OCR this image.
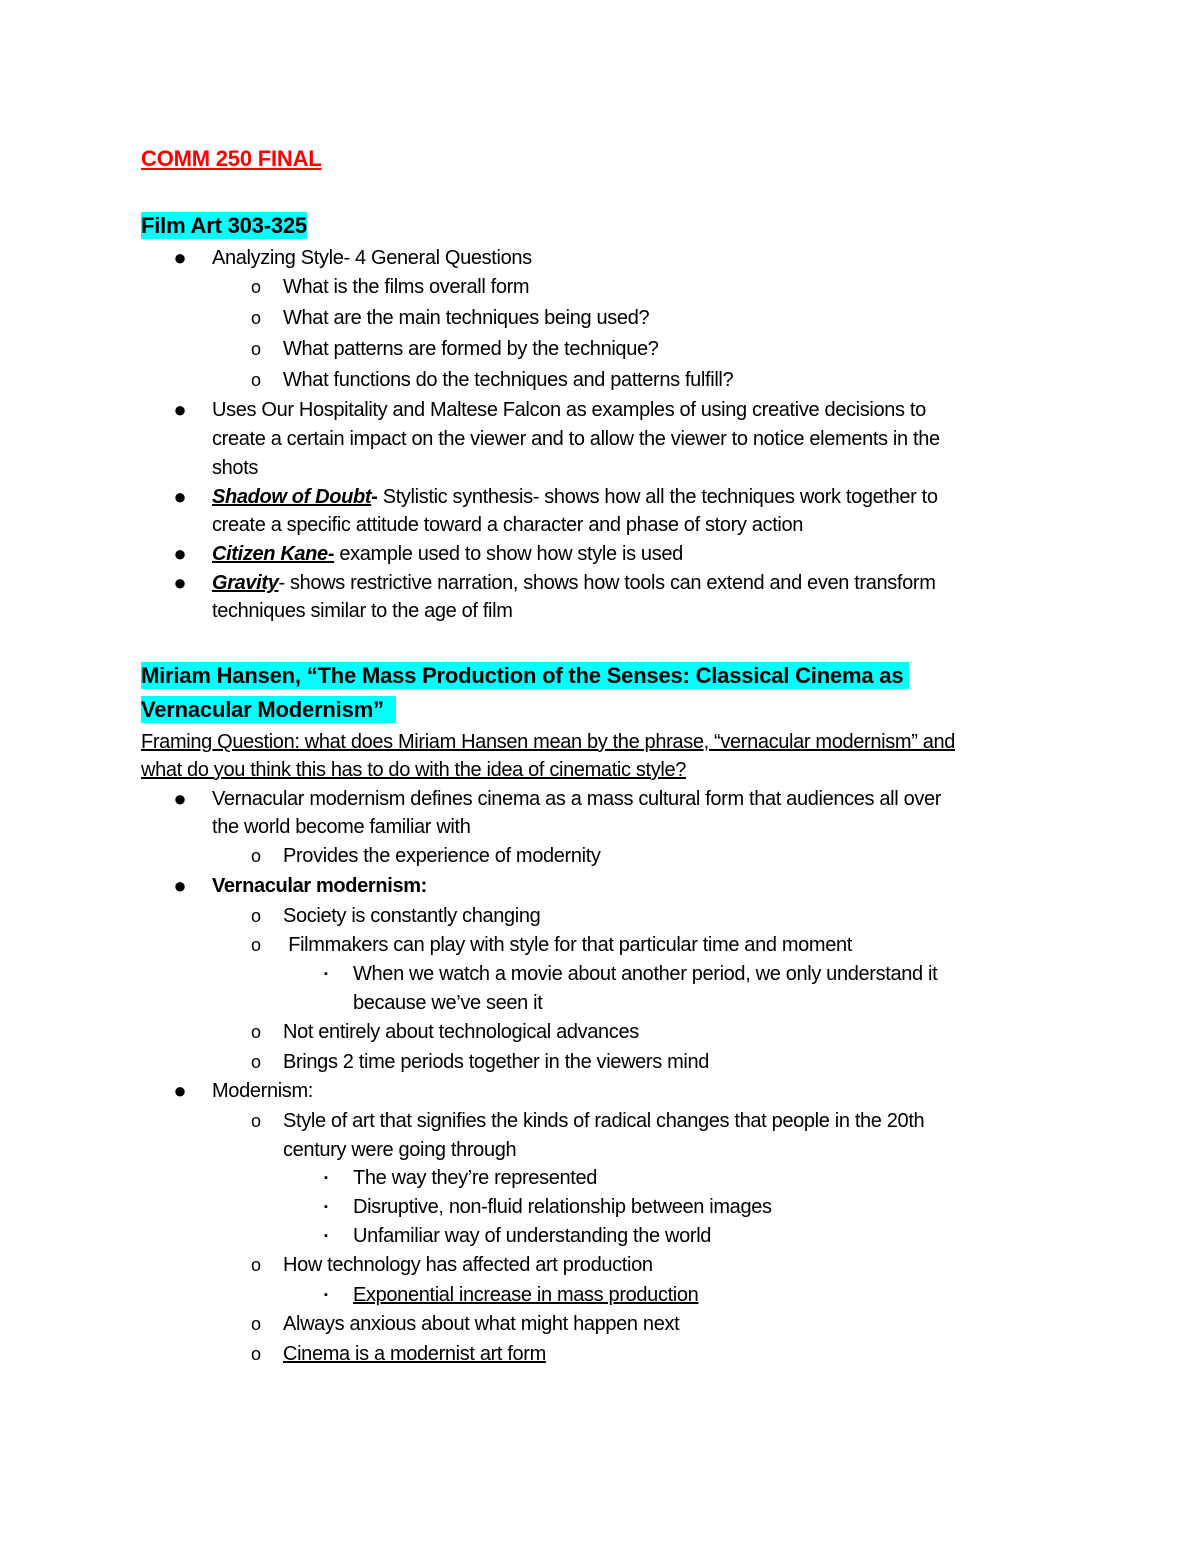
COMM 250 FINAL
Film Art 303-325
● Analyzing Style- 4 General Questions
o What is the films overall form
o What are the main techniques being used?
o What patterns are formed by the technique?
o What functions do the techniques and patterns fulfill?
● Uses Our Hospitality and Maltese Falcon as examples of using creative decisions to
create a certain impact on the viewer and to allow the viewer to notice elements in the
shots
● Shadow of Doubt- Stylistic synthesis- shows how all the techniques work together to
create a specific attitude toward a character and phase of story action
● Citizen Kane- example used to show how style is used
● Gravity- shows restrictive narration, shows how tools can extend and even transform
techniques similar to the age of film
Miriam Hansen, “The Mass Production of the Senses: Classical Cinema as
Vernacular Modernism”
Framing Question: what does Miriam Hansen mean by the phrase, “vernacular modernism” and
what do you think this has to do with the idea of cinematic style?
● Vernacular modernism defines cinema as a mass cultural form that audiences all over
the world become familiar with
o Provides the experience of modernity
● Vernacular modernism:
o Society is constantly changing
o Filmmakers can play with style for that particular time and moment
▪	When we watch a movie about another period, we only understand it
because we’ve seen it
o Not entirely about technological advances
o Brings 2 time periods together in the viewers mind
● Modernism:
o Style of art that signifies the kinds of radical changes that people in the 20th
century were going through
▪	The way they’re represented
▪	Disruptive, non-fluid relationship between images
▪	Unfamiliar way of understanding the world
o How technology has affected art production
▪	Exponential increase in mass production
o Always anxious about what might happen next
o Cinema is a modernist art form
